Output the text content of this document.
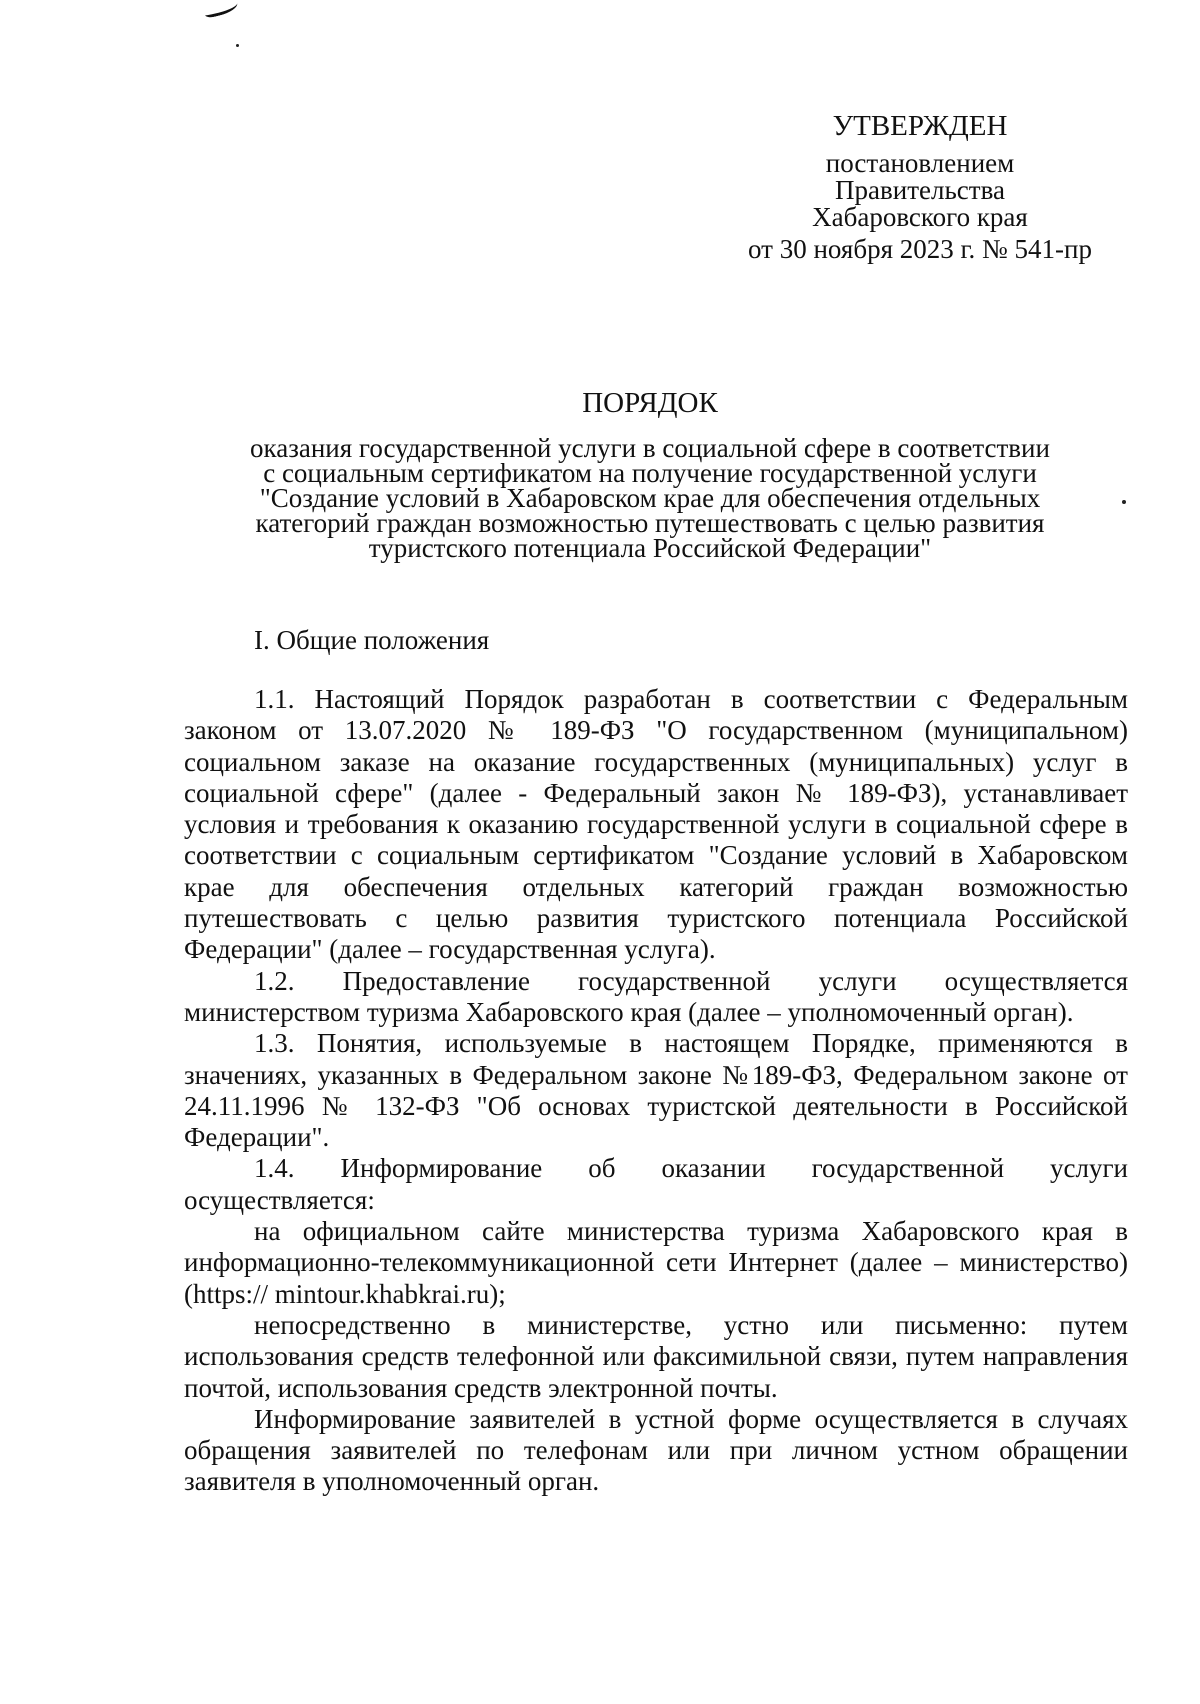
УТВЕРЖДЕН
постановлением
Правительства
Хабаровского края
от 30 ноября 2023 г. № 541-пр
ПОРЯДОК
оказания государственной услуги в социальной сфере в соответствии
с социальным сертификатом на получение государственной услуги
"Создание условий в Хабаровском крае для обеспечения отдельных
категорий граждан возможностью путешествовать с целью развития
туристского потенциала Российской Федерации"
I. Общие положения

1.1. Настоящий Порядок разработан в соответствии с Федеральным законом от 13.07.2020 № 189-ФЗ "О государственном (муниципальном) социальном заказе на оказание государственных (муниципальных) услуг в социальной сфере" (далее - Федеральный закон № 189-ФЗ), устанавливает условия и требования к оказанию государственной услуги в социальной сфере в соответствии с социальным сертификатом "Создание условий в Хабаровском крае для обеспечения отдельных категорий граждан возможностью путешествовать с целью развития туристского потенциала Российской Федерации" (далее – государственная услуга).

1.2. Предоставление государственной услуги осуществляется министерством туризма Хабаровского края (далее – уполномоченный орган).

1.3. Понятия, используемые в настоящем Порядке, применяются в значениях, указанных в Федеральном законе №189-ФЗ, Федеральном законе от 24.11.1996 № 132-ФЗ "Об основах туристской деятельности в Российской Федерации".

1.4. Информирование об оказании государственной услуги осуществляется:

на официальном сайте министерства туризма Хабаровского края в информационно-телекоммуникационной сети Интернет (далее – министерство) (https:// mintour.khabkrai.ru);

непосредственно в министерстве, устно или письменно: путем использования средств телефонной или факсимильной связи, путем направления почтой, использования средств электронной почты.

Информирование заявителей в устной форме осуществляется в случаях обращения заявителей по телефонам или при личном устном обращении заявителя в уполномоченный орган.
